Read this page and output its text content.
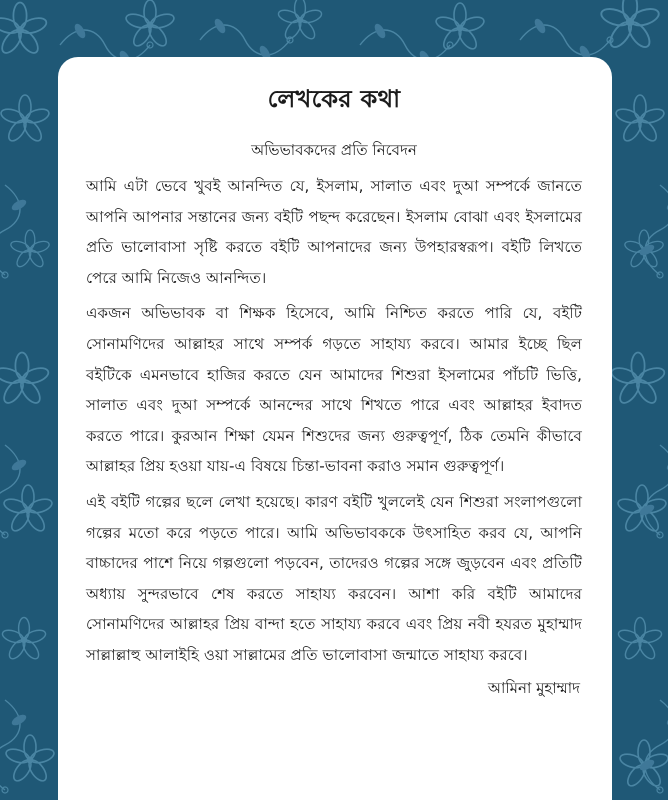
লেখকের কথা
অভিভাবকদের প্রতি নিবেদন

আমি এটা ভেবে খুবই আনন্দিত যে, ইসলাম, সালাত এবং দুআ সম্পর্কে জানতে আপনি আপনার সন্তানের জন্য বইটি পছন্দ করেছেন। ইসলাম বোঝা এবং ইসলামের প্রতি ভালোবাসা সৃষ্টি করতে বইটি আপনাদের জন্য উপহারস্বরূপ। বইটি লিখতে পেরে আমি নিজেও আনন্দিত।

একজন অভিভাবক বা শিক্ষক হিসেবে, আমি নিশ্চিত করতে পারি যে, বইটি সোনামণিদের আল্লাহর সাথে সম্পর্ক গড়তে সাহায্য করবে। আমার ইচ্ছে ছিল বইটিকে এমনভাবে হাজির করতে যেন আমাদের শিশুরা ইসলামের পাঁচটি ভিত্তি, সালাত এবং দুআ সম্পর্কে আনন্দের সাথে শিখতে পারে এবং আল্লাহর ইবাদত করতে পারে। কুরআন শিক্ষা যেমন শিশুদের জন্য গুরুত্বপূর্ণ, ঠিক তেমনি কীভাবে আল্লাহর প্রিয় হওয়া যায়-এ বিষয়ে চিন্তা-ভাবনা করাও সমান গুরুত্বপূর্ণ।

এই বইটি গল্পের ছলে লেখা হয়েছে। কারণ বইটি খুললেই যেন শিশুরা সংলাপগুলো গল্পের মতো করে পড়তে পারে। আমি অভিভাবককে উৎসাহিত করব যে, আপনি বাচ্চাদের পাশে নিয়ে গল্পগুলো পড়বেন, তাদেরও গল্পের সঙ্গে জুড়বেন এবং প্রতিটি অধ্যায় সুন্দরভাবে শেষ করতে সাহায্য করবেন। আশা করি বইটি আমাদের সোনামণিদের আল্লাহর প্রিয় বান্দা হতে সাহায্য করবে এবং প্রিয় নবী হযরত মুহাম্মাদ সাল্লাল্লাহু আলাইহি ওয়া সাল্লামের প্রতি ভালোবাসা জন্মাতে সাহায্য করবে।

আমিনা মুহাম্মাদ
